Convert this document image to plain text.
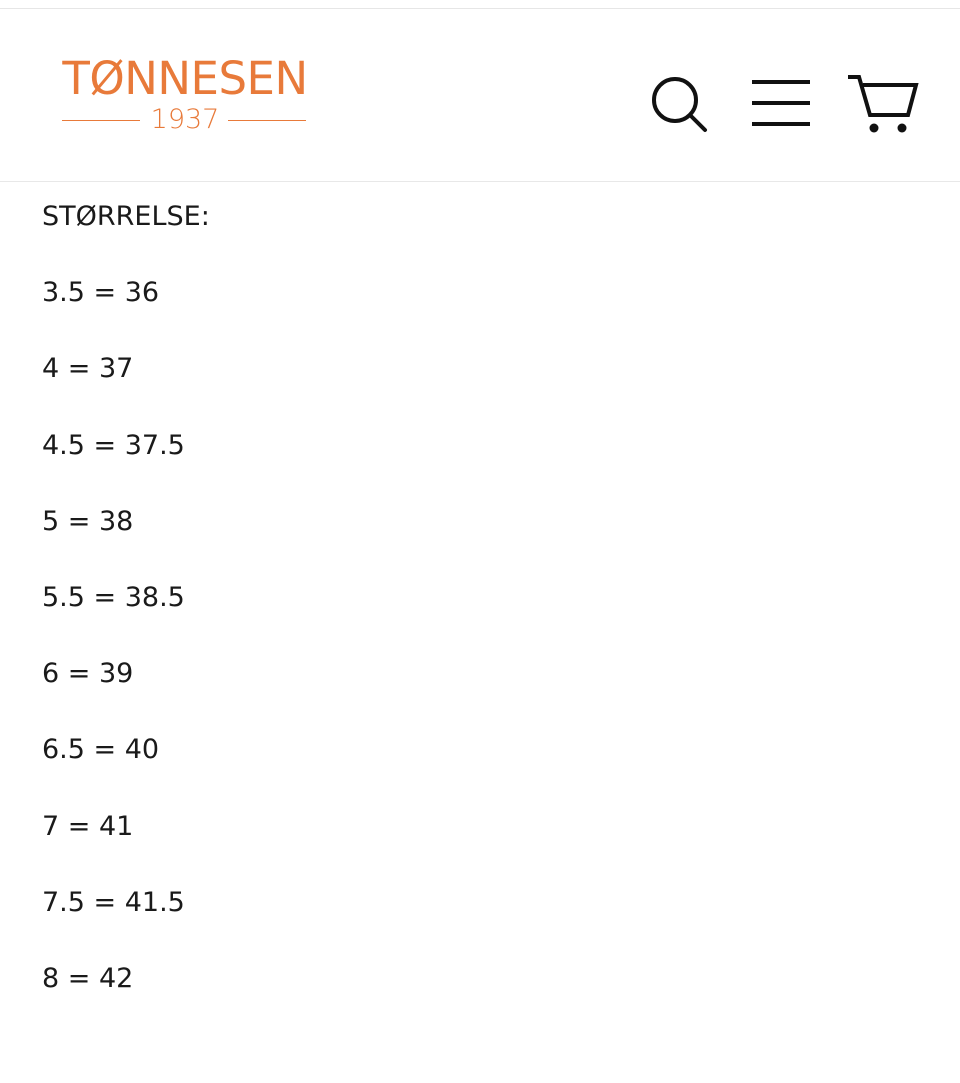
TØNNESEN
1937

STØRRELSE:

3.5 = 36

4 = 37

4.5 = 37.5

5 = 38

5.5 = 38.5

6 = 39

6.5 = 40

7 = 41

7.5 = 41.5

8 = 42
